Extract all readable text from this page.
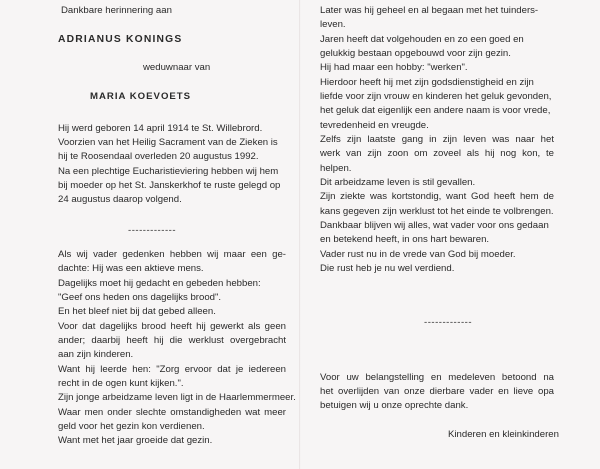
Dankbare herinnering aan
ADRIANUS KONINGS
weduwnaar van
MARIA KOEVOETS
Hij werd geboren 14 april 1914 te St. Willebrord.
Voorzien van het Heilig Sacrament van de Zieken is
hij te Roosendaal overleden 20 augustus 1992.
Na een plechtige Eucharistieviering hebben wij hem
bij moeder op het St. Janskerkhof te ruste gelegd op
24 augustus daarop volgend.
-------------
Als wij vader gedenken hebben wij maar een ge-
dachte: Hij was een aktieve mens.
Dagelijks moet hij gedacht en gebeden hebben:
"Geef ons heden ons dagelijks brood".
En het bleef niet bij dat gebed alleen.
Voor dat dagelijks brood heeft hij gewerkt als geen
ander; daarbij heeft hij die werklust overgebracht
aan zijn kinderen.
Want hij leerde hen: "Zorg ervoor dat je iedereen
recht in de ogen kunt kijken.".
Zijn jonge arbeidzame leven ligt in de Haarlemmermeer.
Waar men onder slechte omstandigheden wat meer
geld voor het gezin kon verdienen.
Want met het jaar groeide dat gezin.
Later was hij geheel en al begaan met het tuinders-
leven.
Jaren heeft dat volgehouden en zo een goed en
gelukkig bestaan opgebouwd voor zijn gezin.
Hij had maar een hobby: "werken".
Hierdoor heeft hij met zijn godsdienstigheid en zijn
liefde voor zijn vrouw en kinderen het geluk gevonden,
het geluk dat eigenlijk een andere naam is voor vrede,
tevredenheid en vreugde.
Zelfs zijn laatste gang in zijn leven was naar het
werk van zijn zoon om zoveel als hij nog kon, te
helpen.
Dit arbeidzame leven is stil gevallen.
Zijn ziekte was kortstondig, want God heeft hem de
kans gegeven zijn werklust tot het einde te volbrengen.
Dankbaar blijven wij alles, wat vader voor ons gedaan
en betekend heeft, in ons hart bewaren.
Vader rust nu in de vrede van God bij moeder.
Die rust heb je nu wel verdiend.
-------------
Voor uw belangstelling en medeleven betoond na
het overlijden van onze dierbare vader en lieve opa
betuigen wij u onze oprechte dank.
Kinderen en kleinkinderen
